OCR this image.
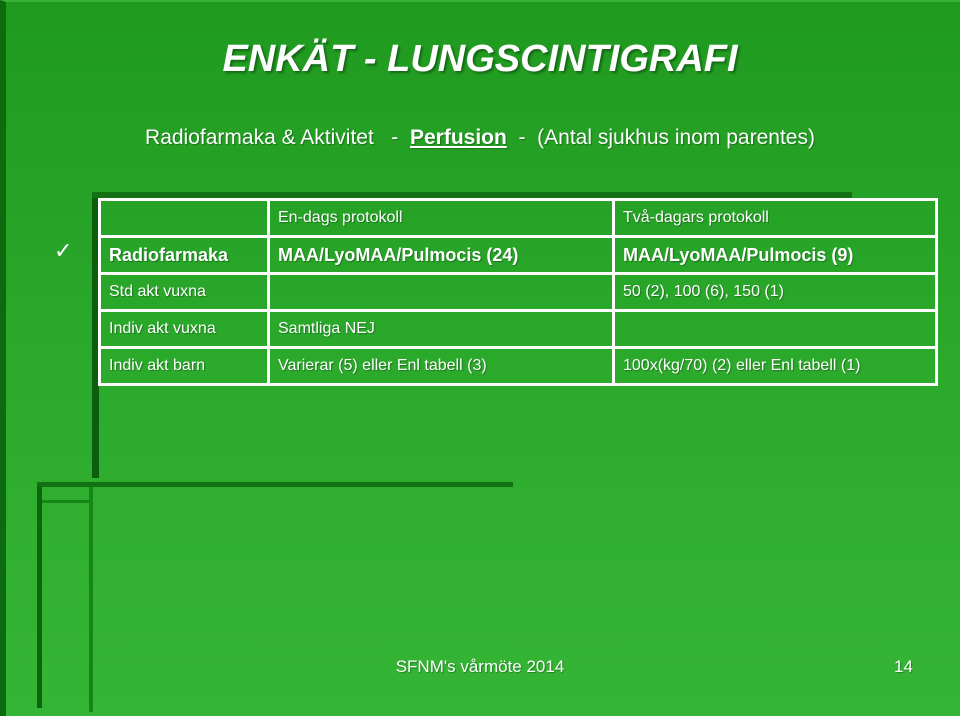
ENKÄT - LUNGSCINTIGRAFI
Radiofarmaka & Aktivitet   -  Perfusion  -  (Antal sjukhus inom parentes)
✓
	En-dags protokoll	Två-dagars protokoll
Radiofarmaka	MAA/LyoMAA/Pulmocis (24)	MAA/LyoMAA/Pulmocis (9)
Std akt vuxna		50 (2), 100 (6), 150 (1)
Indiv akt vuxna	Samtliga NEJ	
Indiv akt barn	Varierar (5) eller Enl tabell (3)	100x(kg/70) (2) eller Enl tabell (1)
SFNM's vårmöte 2014	14
